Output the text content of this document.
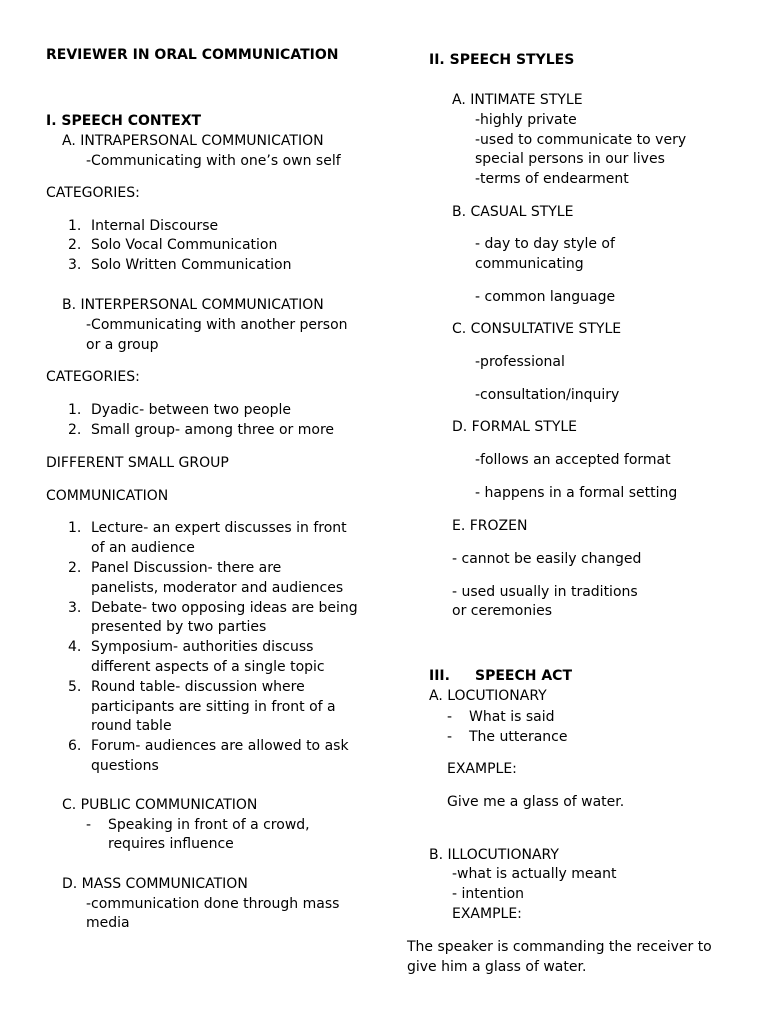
REVIEWER IN ORAL COMMUNICATION
I. SPEECH CONTEXT
A. INTRAPERSONAL COMMUNICATION
-Communicating with one’s own self
CATEGORIES:
1. Internal Discourse
2. Solo Vocal Communication
3. Solo Written Communication
B. INTERPERSONAL COMMUNICATION
-Communicating with another person
or a group
CATEGORIES:
1. Dyadic- between two people
2. Small group- among three or more
DIFFERENT SMALL GROUP
COMMUNICATION
1. Lecture- an expert discusses in front
of an audience
2. Panel Discussion- there are
panelists, moderator and audiences
3. Debate- two opposing ideas are being
presented by two parties
4. Symposium- authorities discuss
different aspects of a single topic
5. Round table- discussion where
participants are sitting in front of a
round table
6. Forum- audiences are allowed to ask
questions
C. PUBLIC COMMUNICATION
- Speaking in front of a crowd,
requires influence
D. MASS COMMUNICATION
-communication done through mass
media
II. SPEECH STYLES
A. INTIMATE STYLE
-highly private
-used to communicate to very
special persons in our lives
-terms of endearment
B. CASUAL STYLE
- day to day style of
communicating
- common language
C. CONSULTATIVE STYLE
-professional
-consultation/inquiry
D. FORMAL STYLE
-follows an accepted format
- happens in a formal setting
E. FROZEN
- cannot be easily changed
- used usually in traditions
or ceremonies
III. SPEECH ACT
A. LOCUTIONARY
- What is said
- The utterance
EXAMPLE:
Give me a glass of water.
B. ILLOCUTIONARY
-what is actually meant
- intention
EXAMPLE:
The speaker is commanding the receiver to
give him a glass of water.
